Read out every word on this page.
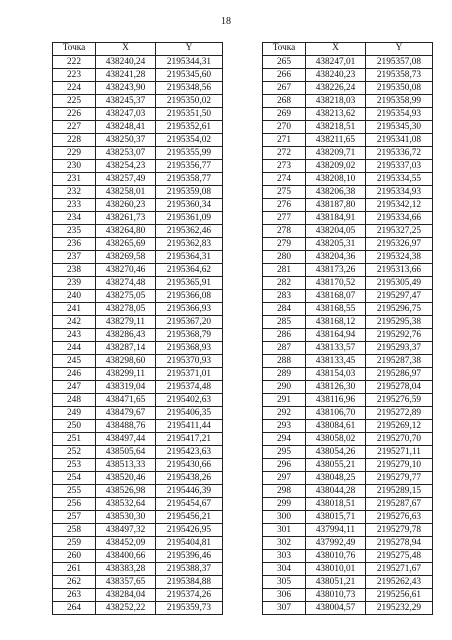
18
Точка	X	Y
222	438240,24	2195344,31
223	438241,28	2195345,60
224	438243,90	2195348,56
225	438245,37	2195350,02
226	438247,03	2195351,50
227	438248,41	2195352,61
228	438250,37	2195354,02
229	438253,07	2195355,99
230	438254,23	2195356,77
231	438257,49	2195358,77
232	438258,01	2195359,08
233	438260,23	2195360,34
234	438261,73	2195361,09
235	438264,80	2195362,46
236	438265,69	2195362,83
237	438269,58	2195364,31
238	438270,46	2195364,62
239	438274,48	2195365,91
240	438275,05	2195366,08
241	438278,05	2195366,93
242	438279,11	2195367,20
243	438286,43	2195368,79
244	438287,14	2195368,93
245	438298,60	2195370,93
246	438299,11	2195371,01
247	438319,04	2195374,48
248	438471,65	2195402,63
249	438479,67	2195406,35
250	438488,76	2195411,44
251	438497,44	2195417,21
252	438505,64	2195423,63
253	438513,33	2195430,66
254	438520,46	2195438,26
255	438526,98	2195446,39
256	438532,64	2195454,67
257	438530,30	2195456,21
258	438497,32	2195426,95
259	438452,09	2195404,81
260	438400,66	2195396,46
261	438383,28	2195388,37
262	438357,65	2195384,88
263	438284,04	2195374,26
264	438252,22	2195359,73
Точка	X	Y
265	438247,01	2195357,08
266	438240,23	2195358,73
267	438226,24	2195350,08
268	438218,03	2195358,99
269	438213,62	2195354,93
270	438218,51	2195345,30
271	438211,65	2195341,08
272	438209,71	2195336,72
273	438209,02	2195337,03
274	438208,10	2195334,55
275	438206,38	2195334,93
276	438187,80	2195342,12
277	438184,91	2195334,66
278	438204,05	2195327,25
279	438205,31	2195326,97
280	438204,36	2195324,38
281	438173,26	2195313,66
282	438170,52	2195305,49
283	438168,07	2195297,47
284	438168,55	2195296,75
285	438168,12	2195295,38
286	438164,94	2195292,76
287	438133,57	2195293,37
288	438133,45	2195287,38
289	438154,03	2195286,97
290	438126,30	2195278,04
291	438116,96	2195276,59
292	438106,70	2195272,89
293	438084,61	2195269,12
294	438058,02	2195270,70
295	438054,26	2195271,11
296	438055,21	2195279,10
297	438048,25	2195279,77
298	438044,28	2195289,15
299	438018,51	2195287,67
300	438015,71	2195276,63
301	437994,11	2195279,78
302	437992,49	2195278,94
303	438010,76	2195275,48
304	438010,01	2195271,67
305	438051,21	2195262,43
306	438010,73	2195256,61
307	438004,57	2195232,29
